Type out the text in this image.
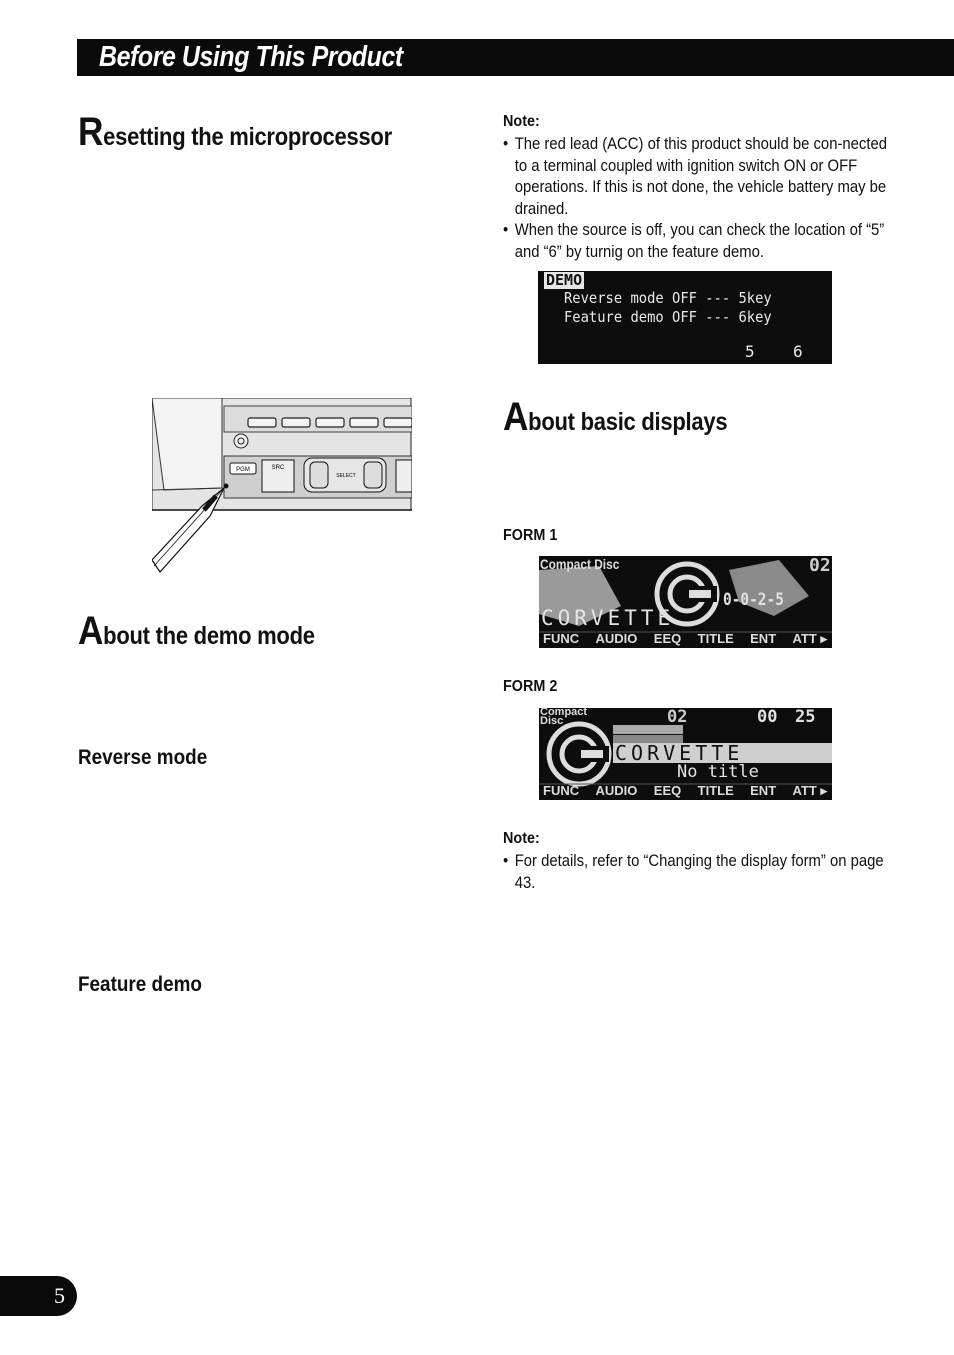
Before Using This Product
Resetting the microprocessor
PGM	SRC
SELECT
About the demo mode
Reverse mode
Feature demo
Note:
• The red lead (ACC) of this product should be con-nected to a terminal coupled with ignition switch ON or OFF operations. If this is not done, the vehicle battery may be drained.
• When the source is off, you can check the location of “5” and “6” by turnig on the feature demo.
DEMO
Reverse mode OFF --- 5key
Feature demo OFF --- 6key
5 6
About basic displays
FORM 1
Compact Disc	02
0-0-2-5
CORVETTE
FUNC AUDIO EEQ TITLE ENT ATT ▸
FORM 2
Compact Disc	02	00 25
CORVETTE
No title
FUNC AUDIO EEQ TITLE ENT ATT ▸
Note:
• For details, refer to “Changing the display form” on page 43.
5
